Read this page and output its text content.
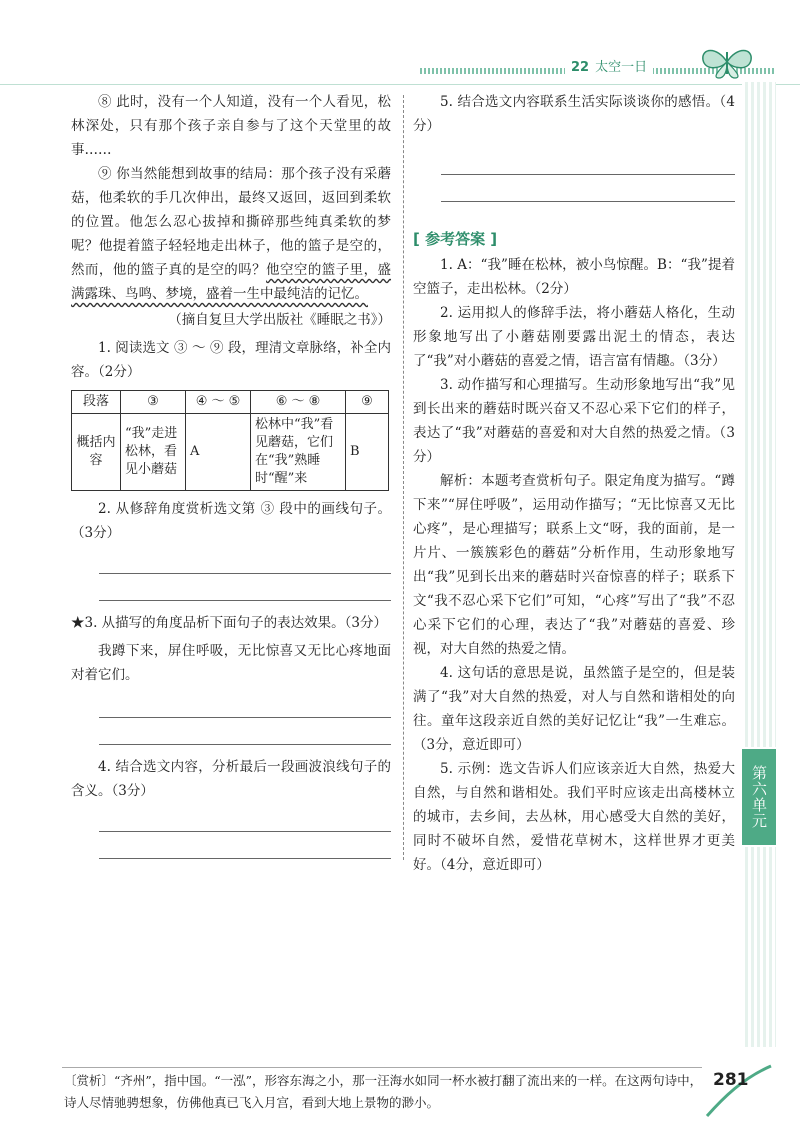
22 太空一日

⑧ 此时，没有一个人知道，没有一个人看见，松林深处，只有那个孩子亲自参与了这个天堂里的故事……

⑨ 你当然能想到故事的结局：那个孩子没有采蘑菇，他柔软的手几次伸出，最终又返回，返回到柔软的位置。他怎么忍心拔掉和撕碎那些纯真柔软的梦呢？他提着篮子轻轻地走出林子，他的篮子是空的，然而，他的篮子真的是空的吗？他空空的篮子里，盛满露珠、鸟鸣、梦境，盛着一生中最纯洁的记忆。

（摘自复旦大学出版社《睡眠之书》）

1. 阅读选文 ③ ～ ⑨ 段，理清文章脉络，补全内容。（2分）

段落	③	④ ～ ⑤	⑥ ～ ⑧	⑨
概括内容	“我”走进松林，看见小蘑菇	A	松林中“我”看见蘑菇，它们在“我”熟睡时“醒”来	B

2. 从修辞角度赏析选文第 ③ 段中的画线句子。（3分）

★3. 从描写的角度品析下面句子的表达效果。（3分）

我蹲下来，屏住呼吸，无比惊喜又无比心疼地面对着它们。

4. 结合选文内容，分析最后一段画波浪线句子的含义。（3分）

5. 结合选文内容联系生活实际谈谈你的感悟。（4分）

[ 参考答案 ]

1. A：“我”睡在松林，被小鸟惊醒。B：“我”提着空篮子，走出松林。（2分）

2. 运用拟人的修辞手法，将小蘑菇人格化，生动形象地写出了小蘑菇刚要露出泥土的情态，表达了“我”对小蘑菇的喜爱之情，语言富有情趣。（3分）

3. 动作描写和心理描写。生动形象地写出“我”见到长出来的蘑菇时既兴奋又不忍心采下它们的样子，表达了“我”对蘑菇的喜爱和对大自然的热爱之情。（3分）

解析：本题考查赏析句子。限定角度为描写。“蹲下来”“屏住呼吸”，运用动作描写；“无比惊喜又无比心疼”，是心理描写；联系上文“呀，我的面前，是一片片、一簇簇彩色的蘑菇”分析作用，生动形象地写出“我”见到长出来的蘑菇时兴奋惊喜的样子；联系下文“我不忍心采下它们”可知，“心疼”写出了“我”不忍心采下它们的心理，表达了“我”对蘑菇的喜爱、珍视，对大自然的热爱之情。

4. 这句话的意思是说，虽然篮子是空的，但是装满了“我”对大自然的热爱，对人与自然和谐相处的向往。童年这段亲近自然的美好记忆让“我”一生难忘。（3分，意近即可）

5. 示例：选文告诉人们应该亲近大自然，热爱大自然，与自然和谐相处。我们平时应该走出高楼林立的城市，去乡间，去丛林，用心感受大自然的美好，同时不破坏自然，爱惜花草树木，这样世界才更美好。（4分，意近即可）

第六单元
〔赏析〕“齐州”，指中国。“一泓”，形容东海之小，那一汪海水如同一杯水被打翻了流出来的一样。在这两句诗中，诗人尽情驰骋想象，仿佛他真已飞入月宫，看到大地上景物的渺小。
281
